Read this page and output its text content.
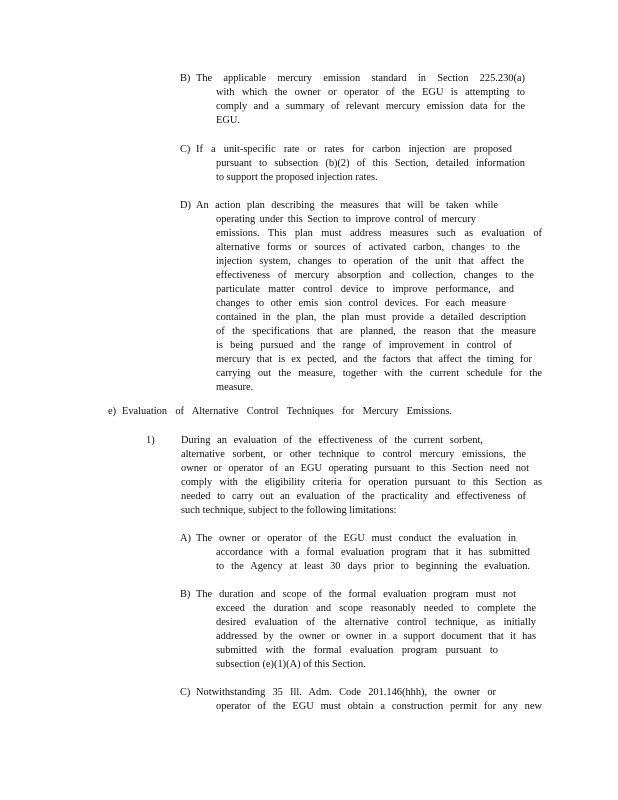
B) The applicable mercury emission standard in Section 225.230(a)
with which the owner or operator of the EGU is attempting to
comply and a summary of relevant mercury emission data for the
EGU.
C) If a unit-specific rate or rates for carbon injection are proposed
pursuant to subsection (b)(2) of this Section, detailed information
to support the proposed injection rates.
D) An action plan describing the measures that will be taken while
operating under this Section to improve control of mercury
emissions. This plan must address measures such as evaluation of
alternative forms or sources of activated carbon, changes to the
injection system, changes to operation of the unit that affect the
effectiveness of mercury absorption and collection, changes to the
particulate matter control device to improve performance, and
changes to other emis sion control devices. For each measure
contained in the plan, the plan must provide a detailed description
of the specifications that are planned, the reason that the measure
is being pursued and the range of improvement in control of
mercury that is ex pected, and the factors that affect the timing for
carrying out the measure, together with the current schedule for the
measure.
e) Evaluation of Alternative Control Techniques for Mercury Emissions.
1)	During an evaluation of the effectiveness of the current sorbent,
alternative sorbent, or other technique to control mercury emissions, the
owner or operator of an EGU operating pursuant to this Section need not
comply with the eligibility criteria for operation pursuant to this Section as
needed to carry out an evaluation of the practicality and effectiveness of
such technique, subject to the following limitations:
A) The owner or operator of the EGU must conduct the evaluation in
accordance with a formal evaluation program that it has submitted
to the Agency at least 30 days prior to beginning the evaluation.
B) The duration and scope of the formal evaluation program must not
exceed the duration and scope reasonably needed to complete the
desired evaluation of the alternative control technique, as initially
addressed by the owner or owner in a support document that it has
submitted with the formal evaluation program pursuant to
subsection (e)(1)(A) of this Section.
C) Notwithstanding 35 Ill. Adm. Code 201.146(hhh), the owner or
operator of the EGU must obtain a construction permit for any new
